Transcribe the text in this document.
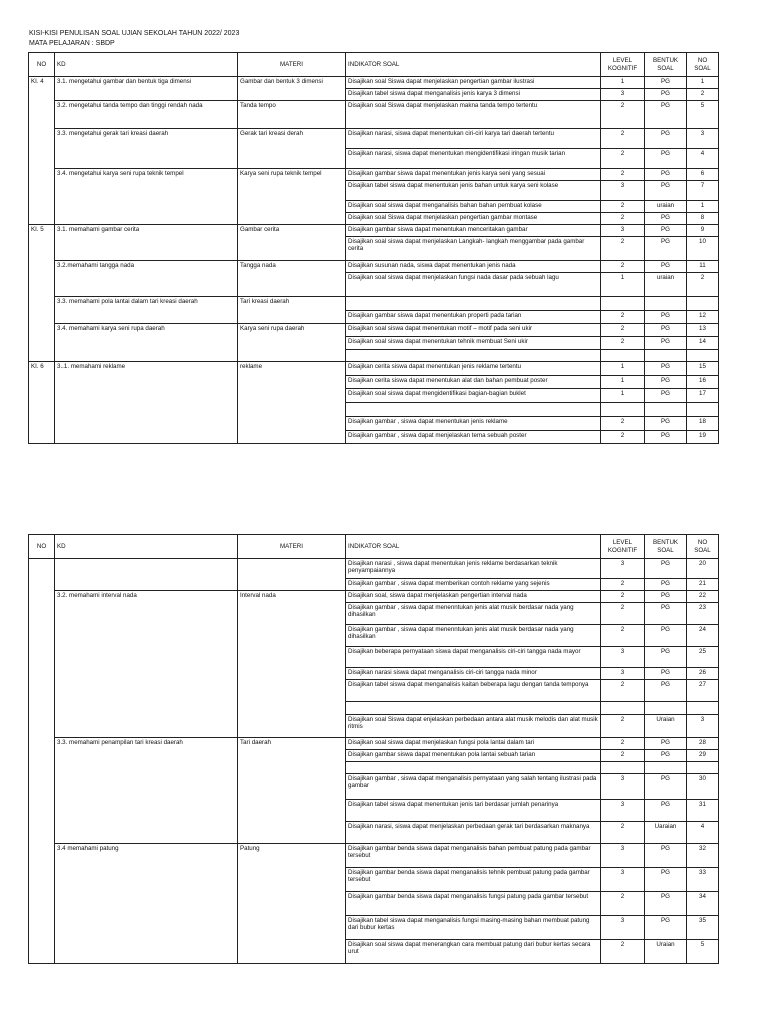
KISI-KISI PENULISAN SOAL UJIAN SEKOLAH TAHUN 2022/ 2023
MATA PELAJARAN : SBDP
NO	KD	MATERI	INDIKATOR SOAL	LEVEL KOGNITIF	BENTUK SOAL	NO SOAL
KI. 4	3.1. mengetahui gambar dan bentuk tiga dimensi	Gambar dan bentuk 3 dimensi	Disajikan soal Siswa dapat menjelaskan pengertian gambar ilustrasi	1	PG	1
			Disajikan tabel siswa dapat menganalisis jenis karya 3 dimensi	3	PG	2
	3.2. mengetahui tanda tempo dan tinggi rendah nada	Tanda tempo	Disajikan soal Siswa dapat menjelaskan makna tanda tempo tertentu	2	PG	5
	3.3. mengetahui gerak tari kreasi daerah	Gerak tari kreasi derah	Disajikan narasi, siswa dapat menentukan ciri-ciri karya tari daerah tertentu	2	PG	3
			Disajikan narasi, siswa dapat menentukan mengidentifikasi iringan musik tarian	2	PG	4
	3.4. mengetahui karya seni rupa teknik tempel	Karya seni rupa teknik tempel	Disajikan gambar siswa dapat menentukan jenis karya seni yang sesuai	2	PG	6
			Disajikan tabel siswa dapat menentukan jenis bahan untuk karya seni kolase	3	PG	7
			Disajikan soal siswa dapat menganalisis bahan bahan pembuat kolase	2	uraian	1
			Disajikan soal Siswa dapat menjelaskan pengertian gambar montase	2	PG	8
KI. 5	3.1. memahami gambar cerita	Gambar cerita	Disajikan gambar siswa dapat menentukan menceritakan gambar	3	PG	9
			Disajikan soal siswa dapat menjelaskan Langkah- langkah menggambar pada gambar cerita	2	PG	10
	3.2.memahami tangga nada	Tangga nada	Disajikan susunan nada, siswa dapat menentukan jenis nada	2	PG	11
			Disajikan soal siswa dapat menjelaskan fungsi nada dasar pada sebuah lagu	1	uraian	2
	3.3. memahami pola lantai dalam tari kreasi daerah	Tari kreasi daerah				
			Disajikan gambar siswa dapat menentukan properti pada tarian	2	PG	12
	3.4. memahami karya seni rupa daerah	Karya seni rupa daerah	Disajikan soal siswa dapat menentukan motif – motif pada seni ukir	2	PG	13
			Disajikan soal siswa dapat menentukan tehnik membuat Seni ukir	2	PG	14

KI. 6	3..1. memahami reklame	reklame	Disajikan cerita siswa dapat menentukan jenis reklame tertentu	1	PG	15
			Disajikan cerita siswa dapat menentukan alat dan bahan pembuat poster	1	PG	16
			Disajikan soal siswa dapat mengidentifikasi bagian-bagian buklet	1	PG	17

			Disajikan gambar , siswa dapat menentukan jenis reklame	2	PG	18
			Disajikan gambar , siswa dapat menjelaskan tema sebuah poster	2	PG	19
NO	KD	MATERI	INDIKATOR SOAL	LEVEL KOGNITIF	BENTUK SOAL	NO SOAL
			Disajikan narasi , siswa dapat menentukan jenis reklame berdasarkan teknik penyampaiannya	3	PG	20
			Disajikan gambar , siswa dapat memberikan contoh reklame yang sejenis	2	PG	21
	3.2. memahami interval nada	Interval nada	Disajikan soal, siswa dapat menjelaskan pengertian interval nada	2	PG	22
			Disajikan gambar , siswa dapat menenntukan jenis alat musik berdasar nada yang dihasilkan	2	PG	23
			Disajikan gambar , siswa dapat menenntukan jenis alat musik berdasar nada yang dihasilkan	2	PG	24
			Disajikan beberapa pernyataan siswa dapat menganalisis ciri-ciri tangga nada mayor	3	PG	25
			Disajikan narasi siswa dapat menganalisis ciri-ciri tangga nada minor	3	PG	26
			Disajikan tabel siswa dapat menganalisis kaitan beberapa lagu dengan tanda temponya	2	PG	27

			Disajikan soal Siswa dapat enjelaskan perbedaan antara alat musik melodis dan alat musik ritmis	2	Uraian	3
	3.3. memahami penampilan tari kreasi daerah	Tari daerah	Disajikan soal siswa dapat menjelaskan fungsi pola lantai dalam tari	2	PG	28
			Disajikan gambar siswa dapat menentukan pola lantai sebuah tarian	2	PG	29

			Disajikan gambar , siswa dapat menganalisis pernyataan yang salah tentang ilustrasi pada gambar	3	PG	30
			Disajikan tabel siswa dapat menentukan jenis tari berdasar jumlah penarinya	3	PG	31
			Disajikan narasi, siswa dapat menjelaskan perbedaan gerak tari berdasarkan maknanya	2	Uaraian	4
	3.4 memahami patung	Patung	Disajikan gambar benda siswa dapat menganalisis bahan pembuat patung pada gambar tersebut	3	PG	32
			Disajikan gambar benda siswa dapat menganalisis tehnik pembuat patung pada gambar tersebut	3	PG	33
			Disajikan gambar benda siswa dapat menganalisis fungsi patung pada gambar tersebut	2	PG	34
			Disajikan tabel siswa dapat menganalisis fungsi masing-masing bahan membuat patung dari bubur kertas	3	PG	35
			Disajikan soal siswa dapat menerangkan cara membuat patung dari bubur kertas secara urut	2	Uraian	5
